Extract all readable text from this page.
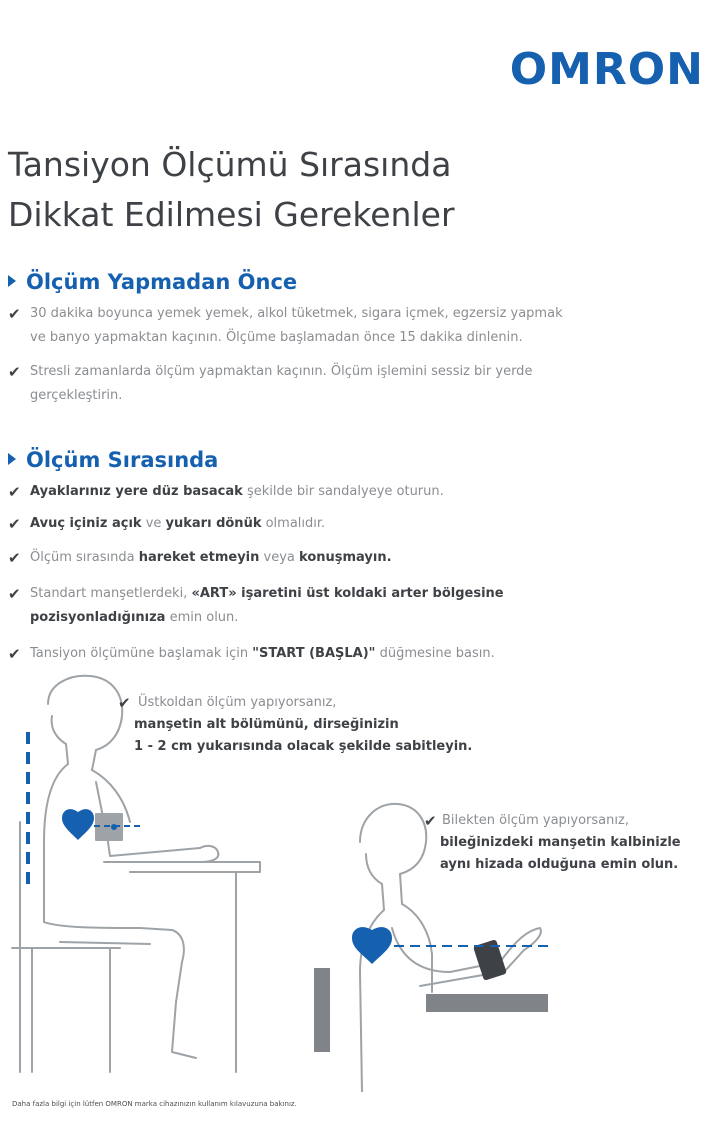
OMRON
Tansiyon Ölçümü Sırasında
Dikkat Edilmesi Gerekenler
Ölçüm Yapmadan Önce
✔ 30 dakika boyunca yemek yemek, alkol tüketmek, sigara içmek, egzersiz yapmak
ve banyo yapmaktan kaçının. Ölçüme başlamadan önce 15 dakika dinlenin.
✔ Stresli zamanlarda ölçüm yapmaktan kaçının. Ölçüm işlemini sessiz bir yerde
gerçekleştirin.
Ölçüm Sırasında
✔ Ayaklarınız yere düz basacak şekilde bir sandalyeye oturun.
✔ Avuç içiniz açık ve yukarı dönük olmalıdır.
✔ Ölçüm sırasında hareket etmeyin veya konuşmayın.
✔ Standart manşetlerdeki, «ART» işaretini üst koldaki arter bölgesine
pozisyonladığınıza emin olun.
✔ Tansiyon ölçümüne başlamak için "START (BAŞLA)" düğmesine basın.
✔ Üstkoldan ölçüm yapıyorsanız,
manşetin alt bölümünü, dirseğinizin
1 - 2 cm yukarısında olacak şekilde sabitleyin.
✔ Bilekten ölçüm yapıyorsanız,
bileğinizdeki manşetin kalbinizle
aynı hizada olduğuna emin olun.
Daha fazla bilgi için lütfen OMRON marka cihazınızın kullanım kılavuzuna bakınız.
